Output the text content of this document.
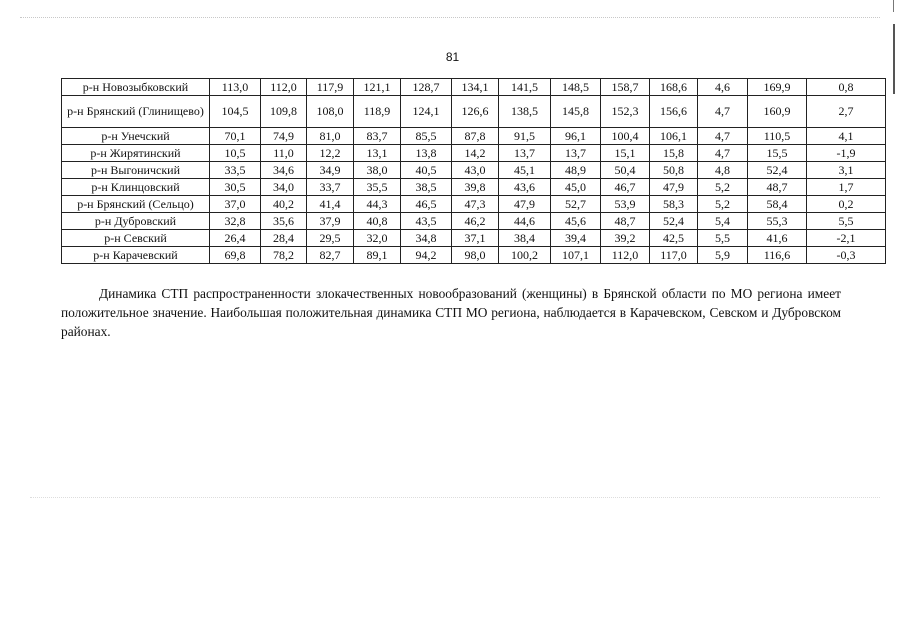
81
р-н Новозыбковский	113,0	112,0	117,9	121,1	128,7	134,1	141,5	148,5	158,7	168,6	4,6	169,9	0,8
р-н Брянский (Глинищево)	104,5	109,8	108,0	118,9	124,1	126,6	138,5	145,8	152,3	156,6	4,7	160,9	2,7
р-н Унечский	70,1	74,9	81,0	83,7	85,5	87,8	91,5	96,1	100,4	106,1	4,7	110,5	4,1
р-н Жирятинский	10,5	11,0	12,2	13,1	13,8	14,2	13,7	13,7	15,1	15,8	4,7	15,5	-1,9
р-н Выгоничский	33,5	34,6	34,9	38,0	40,5	43,0	45,1	48,9	50,4	50,8	4,8	52,4	3,1
р-н Клинцовский	30,5	34,0	33,7	35,5	38,5	39,8	43,6	45,0	46,7	47,9	5,2	48,7	1,7
р-н Брянский (Сельцо)	37,0	40,2	41,4	44,3	46,5	47,3	47,9	52,7	53,9	58,3	5,2	58,4	0,2
р-н Дубровский	32,8	35,6	37,9	40,8	43,5	46,2	44,6	45,6	48,7	52,4	5,4	55,3	5,5
р-н Севский	26,4	28,4	29,5	32,0	34,8	37,1	38,4	39,4	39,2	42,5	5,5	41,6	-2,1
р-н Карачевский	69,8	78,2	82,7	89,1	94,2	98,0	100,2	107,1	112,0	117,0	5,9	116,6	-0,3

Динамика СТП распространенности злокачественных новообразований (женщины) в Брянской области по МО региона имеет положительное значение. Наибольшая положительная динамика СТП МО региона, наблюдается в Карачевском, Севском и Дубровском районах.
